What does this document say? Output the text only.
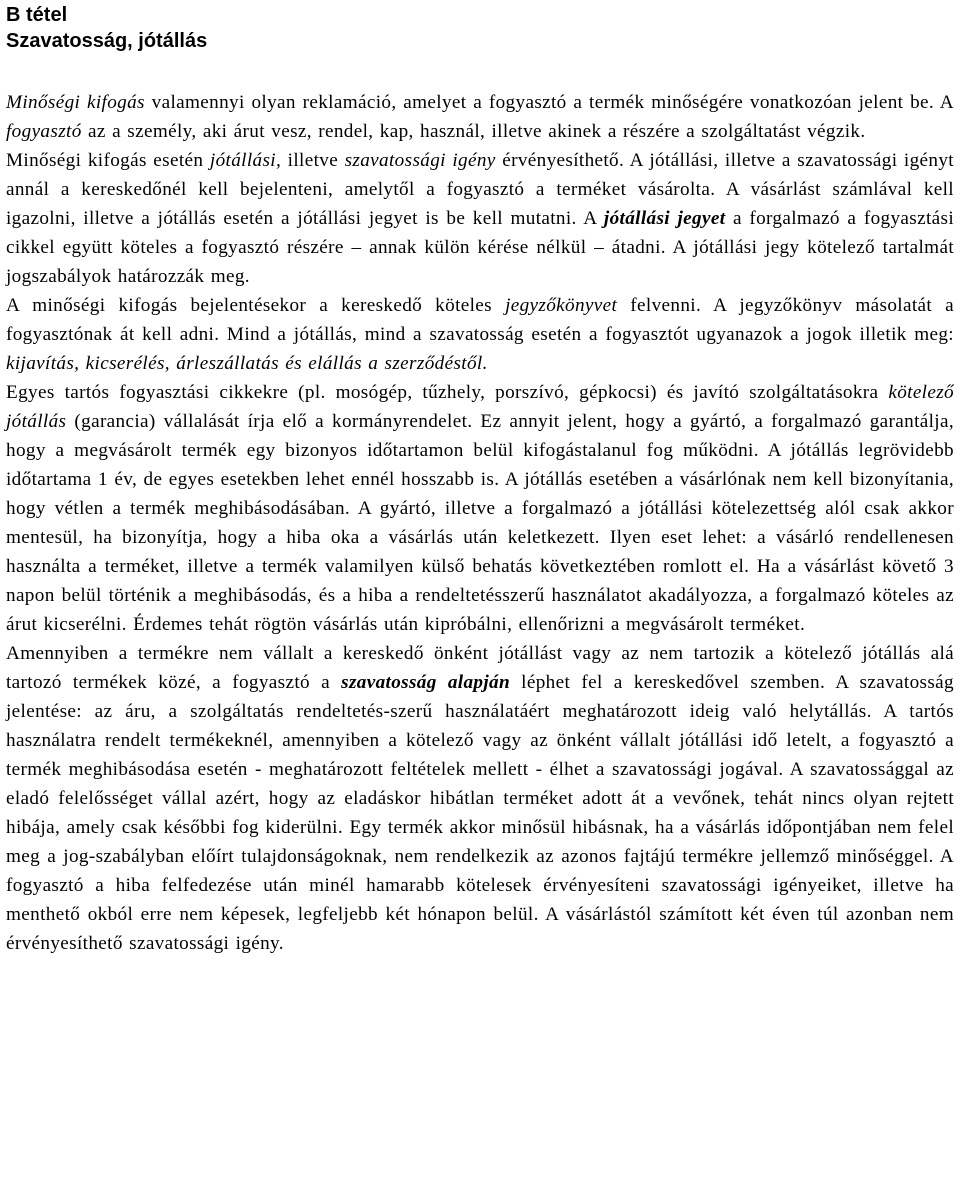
B tétel
Szavatosság, jótállás

Minőségi kifogás valamennyi olyan reklamáció, amelyet a fogyasztó a termék minőségére vonatkozóan jelent be. A fogyasztó az a személy, aki árut vesz, rendel, kap, használ, illetve akinek a részére a szolgáltatást végzik.

Minőségi kifogás esetén jótállási, illetve szavatossági igény érvényesíthető. A jótállási, illetve a szavatossági igényt annál a kereskedőnél kell bejelenteni, amelytől a fogyasztó a terméket vásárolta. A vásárlást számlával kell igazolni, illetve a jótállás esetén a jótállási jegyet is be kell mutatni. A jótállási jegyet a forgalmazó a fogyasztási cikkel együtt köteles a fogyasztó részére – annak külön kérése nélkül – átadni. A jótállási jegy kötelező tartalmát jogszabályok határozzák meg.

A minőségi kifogás bejelentésekor a kereskedő köteles jegyzőkönyvet felvenni. A jegyzőkönyv másolatát a fogyasztónak át kell adni. Mind a jótállás, mind a szavatosság esetén a fogyasztót ugyanazok a jogok illetik meg: kijavítás, kicserélés, árleszállatás és elállás a szerződéstől.

Egyes tartós fogyasztási cikkekre (pl. mosógép, tűzhely, porszívó, gépkocsi) és javító szolgáltatásokra kötelező jótállás (garancia) vállalását írja elő a kormányrendelet. Ez annyit jelent, hogy a gyártó, a forgalmazó garantálja, hogy a megvásárolt termék egy bizonyos időtartamon belül kifogástalanul fog működni. A jótállás legrövidebb időtartama 1 év, de egyes esetekben lehet ennél hosszabb is. A jótállás esetében a vásárlónak nem kell bizonyítania, hogy vétlen a termék meghibásodásában. A gyártó, illetve a forgalmazó a jótállási kötelezettség alól csak akkor mentesül, ha bizonyítja, hogy a hiba oka a vásárlás után keletkezett. Ilyen eset lehet: a vásárló rendellenesen használta a terméket, illetve a termék valamilyen külső behatás következtében romlott el. Ha a vásárlást követő 3 napon belül történik a meghibásodás, és a hiba a rendeltetésszerű használatot akadályozza, a forgalmazó köteles az árut kicserélni. Érdemes tehát rögtön vásárlás után kipróbálni, ellenőrizni a megvásárolt terméket.

Amennyiben a termékre nem vállalt a kereskedő önként jótállást vagy az nem tartozik a kötelező jótállás alá tartozó termékek közé, a fogyasztó a szavatosság alapján léphet fel a kereskedővel szemben. A szavatosság jelentése: az áru, a szolgáltatás rendeltetés-szerű használatáért meghatározott ideig való helytállás. A tartós használatra rendelt termékeknél, amennyiben a kötelező vagy az önként vállalt jótállási idő letelt, a fogyasztó a termék meghibásodása esetén - meghatározott feltételek mellett - élhet a szavatossági jogával. A szavatossággal az eladó felelősséget vállal azért, hogy az eladáskor hibátlan terméket adott át a vevőnek, tehát nincs olyan rejtett hibája, amely csak későbbi fog kiderülni. Egy termék akkor minősül hibásnak, ha a vásárlás időpontjában nem felel meg a jog-szabályban előírt tulajdonságoknak, nem rendelkezik az azonos fajtájú termékre jellemző minőséggel. A fogyasztó a hiba felfedezése után minél hamarabb kötelesek érvényesíteni szavatossági igényeiket, illetve ha menthető okból erre nem képesek, legfeljebb két hónapon belül. A vásárlástól számított két éven túl azonban nem érvényesíthető szavatossági igény.
